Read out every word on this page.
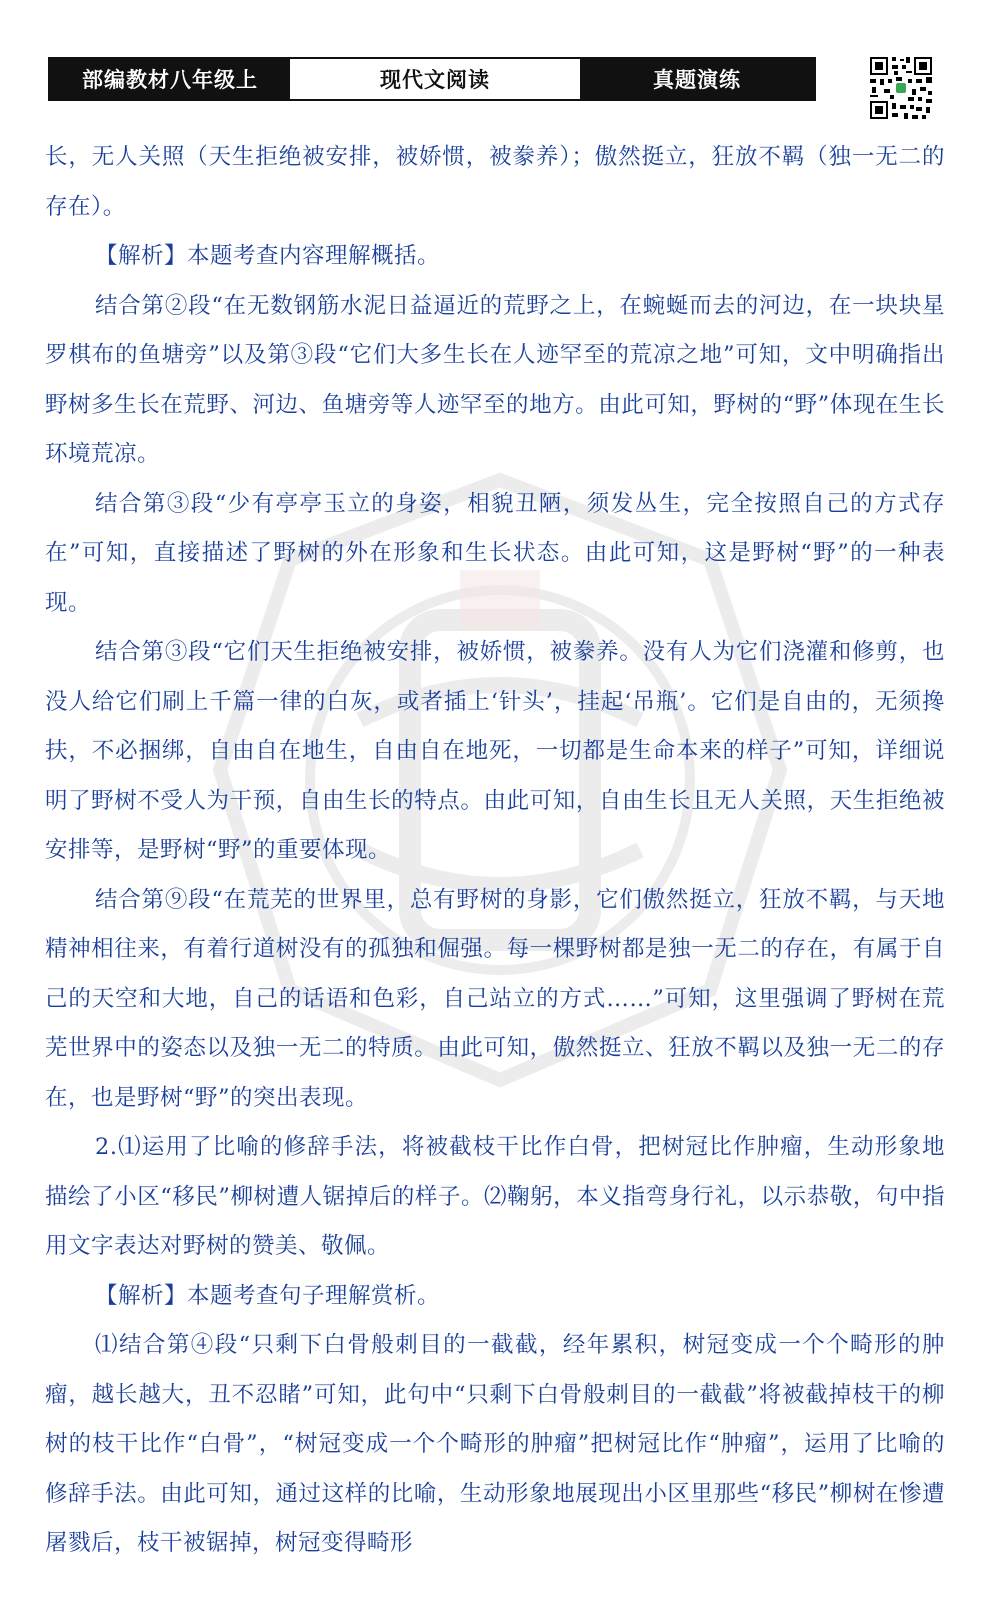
部编教材八年级上	现代文阅读	真题演练

长，无人关照（天生拒绝被安排，被娇惯，被豢养）；傲然挺立，狂放不羁（独一无二的存在）。

【解析】本题考查内容理解概括。

结合第②段“在无数钢筋水泥日益逼近的荒野之上，在蜿蜒而去的河边，在一块块星罗棋布的鱼塘旁”以及第③段“它们大多生长在人迹罕至的荒凉之地”可知，文中明确指出野树多生长在荒野、河边、鱼塘旁等人迹罕至的地方。由此可知，野树的“野”体现在生长环境荒凉。

结合第③段“少有亭亭玉立的身姿，相貌丑陋，须发丛生，完全按照自己的方式存在”可知，直接描述了野树的外在形象和生长状态。由此可知，这是野树“野”的一种表现。

结合第③段“它们天生拒绝被安排，被娇惯，被豢养。没有人为它们浇灌和修剪，也没人给它们刷上千篇一律的白灰，或者插上‘针头’，挂起‘吊瓶’。它们是自由的，无须搀扶，不必捆绑，自由自在地生，自由自在地死，一切都是生命本来的样子”可知，详细说明了野树不受人为干预，自由生长的特点。由此可知，自由生长且无人关照，天生拒绝被安排等，是野树“野”的重要体现。

结合第⑨段“在荒芜的世界里，总有野树的身影，它们傲然挺立，狂放不羁，与天地精神相往来，有着行道树没有的孤独和倔强。每一棵野树都是独一无二的存在，有属于自己的天空和大地，自己的话语和色彩，自己站立的方式……”可知，这里强调了野树在荒芜世界中的姿态以及独一无二的特质。由此可知，傲然挺立、狂放不羁以及独一无二的存在，也是野树“野”的突出表现。

2.⑴运用了比喻的修辞手法，将被截枝干比作白骨，把树冠比作肿瘤，生动形象地描绘了小区“移民”柳树遭人锯掉后的样子。⑵鞠躬，本义指弯身行礼，以示恭敬，句中指用文字表达对野树的赞美、敬佩。

【解析】本题考查句子理解赏析。

⑴结合第④段“只剩下白骨般刺目的一截截，经年累积，树冠变成一个个畸形的肿瘤，越长越大，丑不忍睹”可知，此句中“只剩下白骨般刺目的一截截”将被截掉枝干的柳树的枝干比作“白骨”，“树冠变成一个个畸形的肿瘤”把树冠比作“肿瘤”，运用了比喻的修辞手法。由此可知，通过这样的比喻，生动形象地展现出小区里那些“移民”柳树在惨遭屠戮后，枝干被锯掉，树冠变得畸形
